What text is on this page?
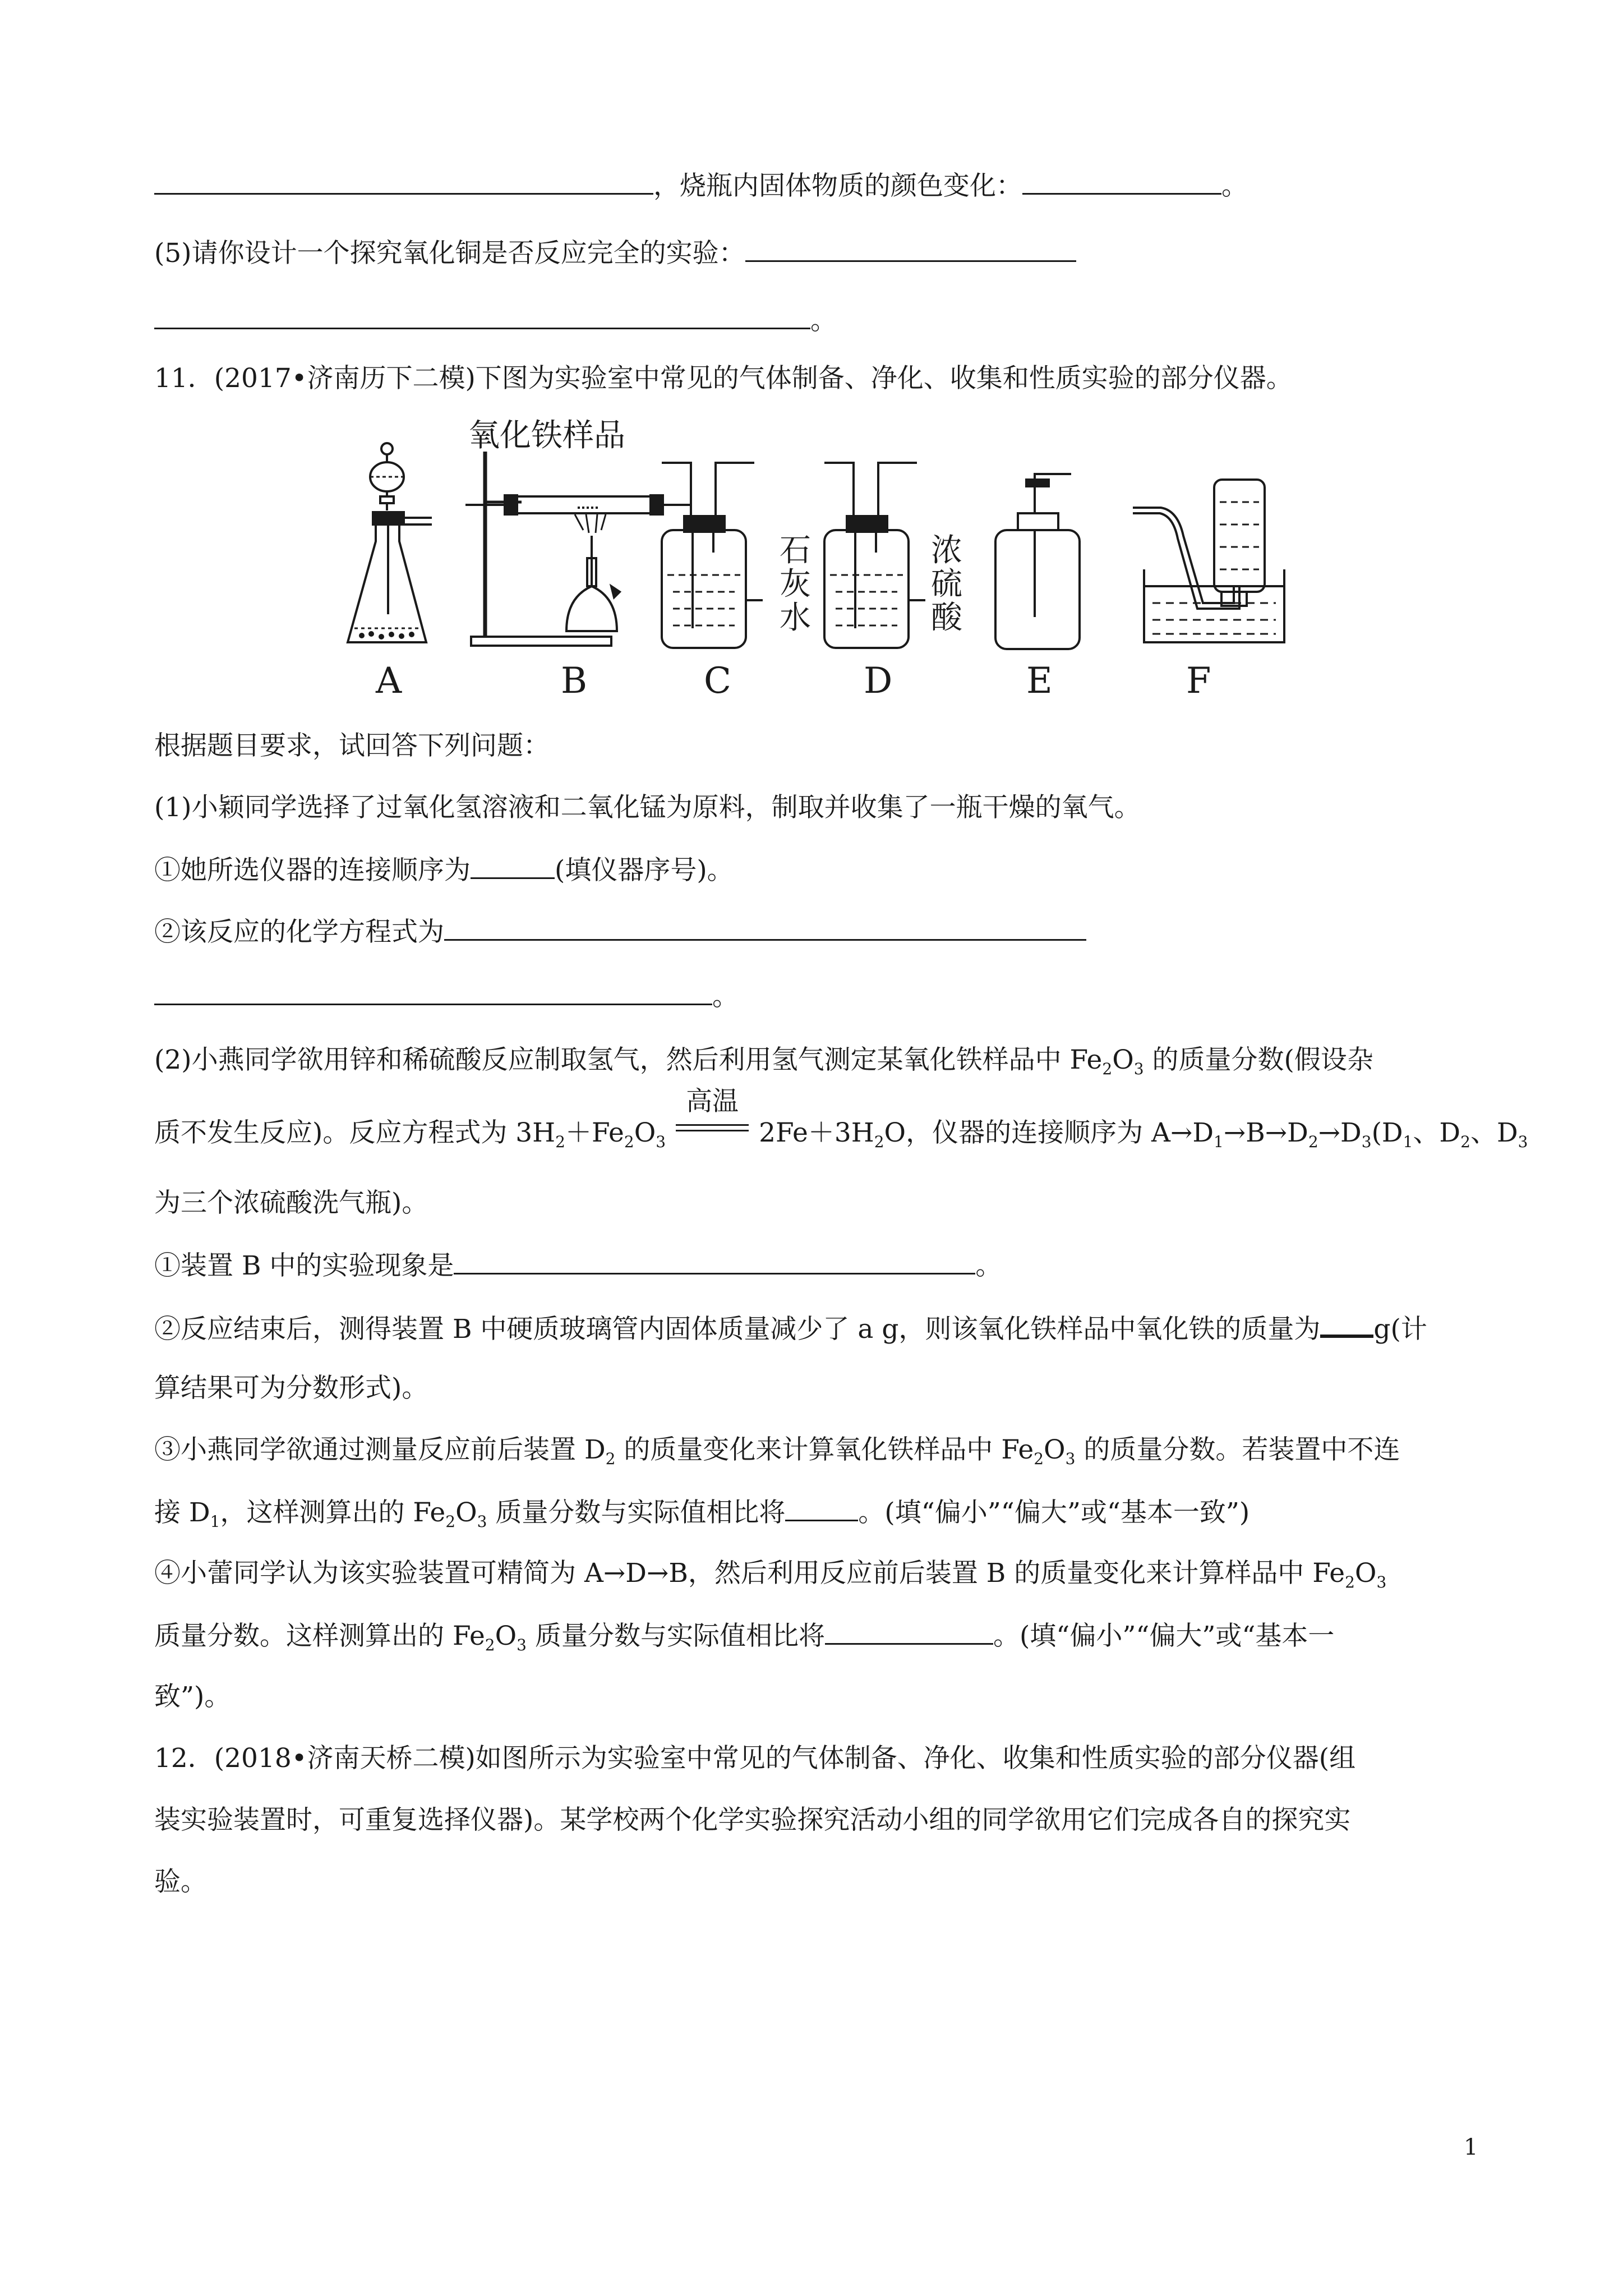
，烧瓶内固体物质的颜色变化：	。
(5)请你设计一个探究氧化铜是否反应完全的实验：
。
11．(2017•济南历下二模)下图为实验室中常见的气体制备、净化、收集和性质实验的部分仪器。
氧化铁样品
石
灰
水
浓
硫
酸
A	B	C	D	E	F
根据题目要求，试回答下列问题：
(1)小颖同学选择了过氧化氢溶液和二氧化锰为原料，制取并收集了一瓶干燥的氧气。
①她所选仪器的连接顺序为	(填仪器序号)。
②该反应的化学方程式为
。
(2)小燕同学欲用锌和稀硫酸反应制取氢气，然后利用氢气测定某氧化铁样品中 $Fe_2O_3$ 的质量分数(假设杂
质不发生反应)。反应方程式为 $3H_2+Fe_2O_3$
高温
$2Fe+3H_2O$，仪器的连接顺序为 $A\to D_1\to B\to D_2\to D_3(D_1$、$D_2$、$D_3$
为三个浓硫酸洗气瓶)。
①装置 B 中的实验现象是	。
②反应结束后，测得装置 B 中硬质玻璃管内固体质量减少了 a g，则该氧化铁样品中氧化铁的质量为 g(计
算结果可为分数形式)。
③小燕同学欲通过测量反应前后装置 $D_2$ 的质量变化来计算氧化铁样品中 $Fe_2O_3$ 的质量分数。若装置中不连
接 $D_1$，这样测算出的 $Fe_2O_3$ 质量分数与实际值相比将	。(填“偏小”“偏大”或“基本一致”)
④小蕾同学认为该实验装置可精简为 A→D→B，然后利用反应前后装置 B 的质量变化来计算样品中 $Fe_2O_3$
质量分数。这样测算出的 $Fe_2O_3$ 质量分数与实际值相比将	。(填“偏小”“偏大”或“基本一
致”)。
12．(2018•济南天桥二模)如图所示为实验室中常见的气体制备、净化、收集和性质实验的部分仪器(组
装实验装置时，可重复选择仪器)。某学校两个化学实验探究活动小组的同学欲用它们完成各自的探究实
验。
1
